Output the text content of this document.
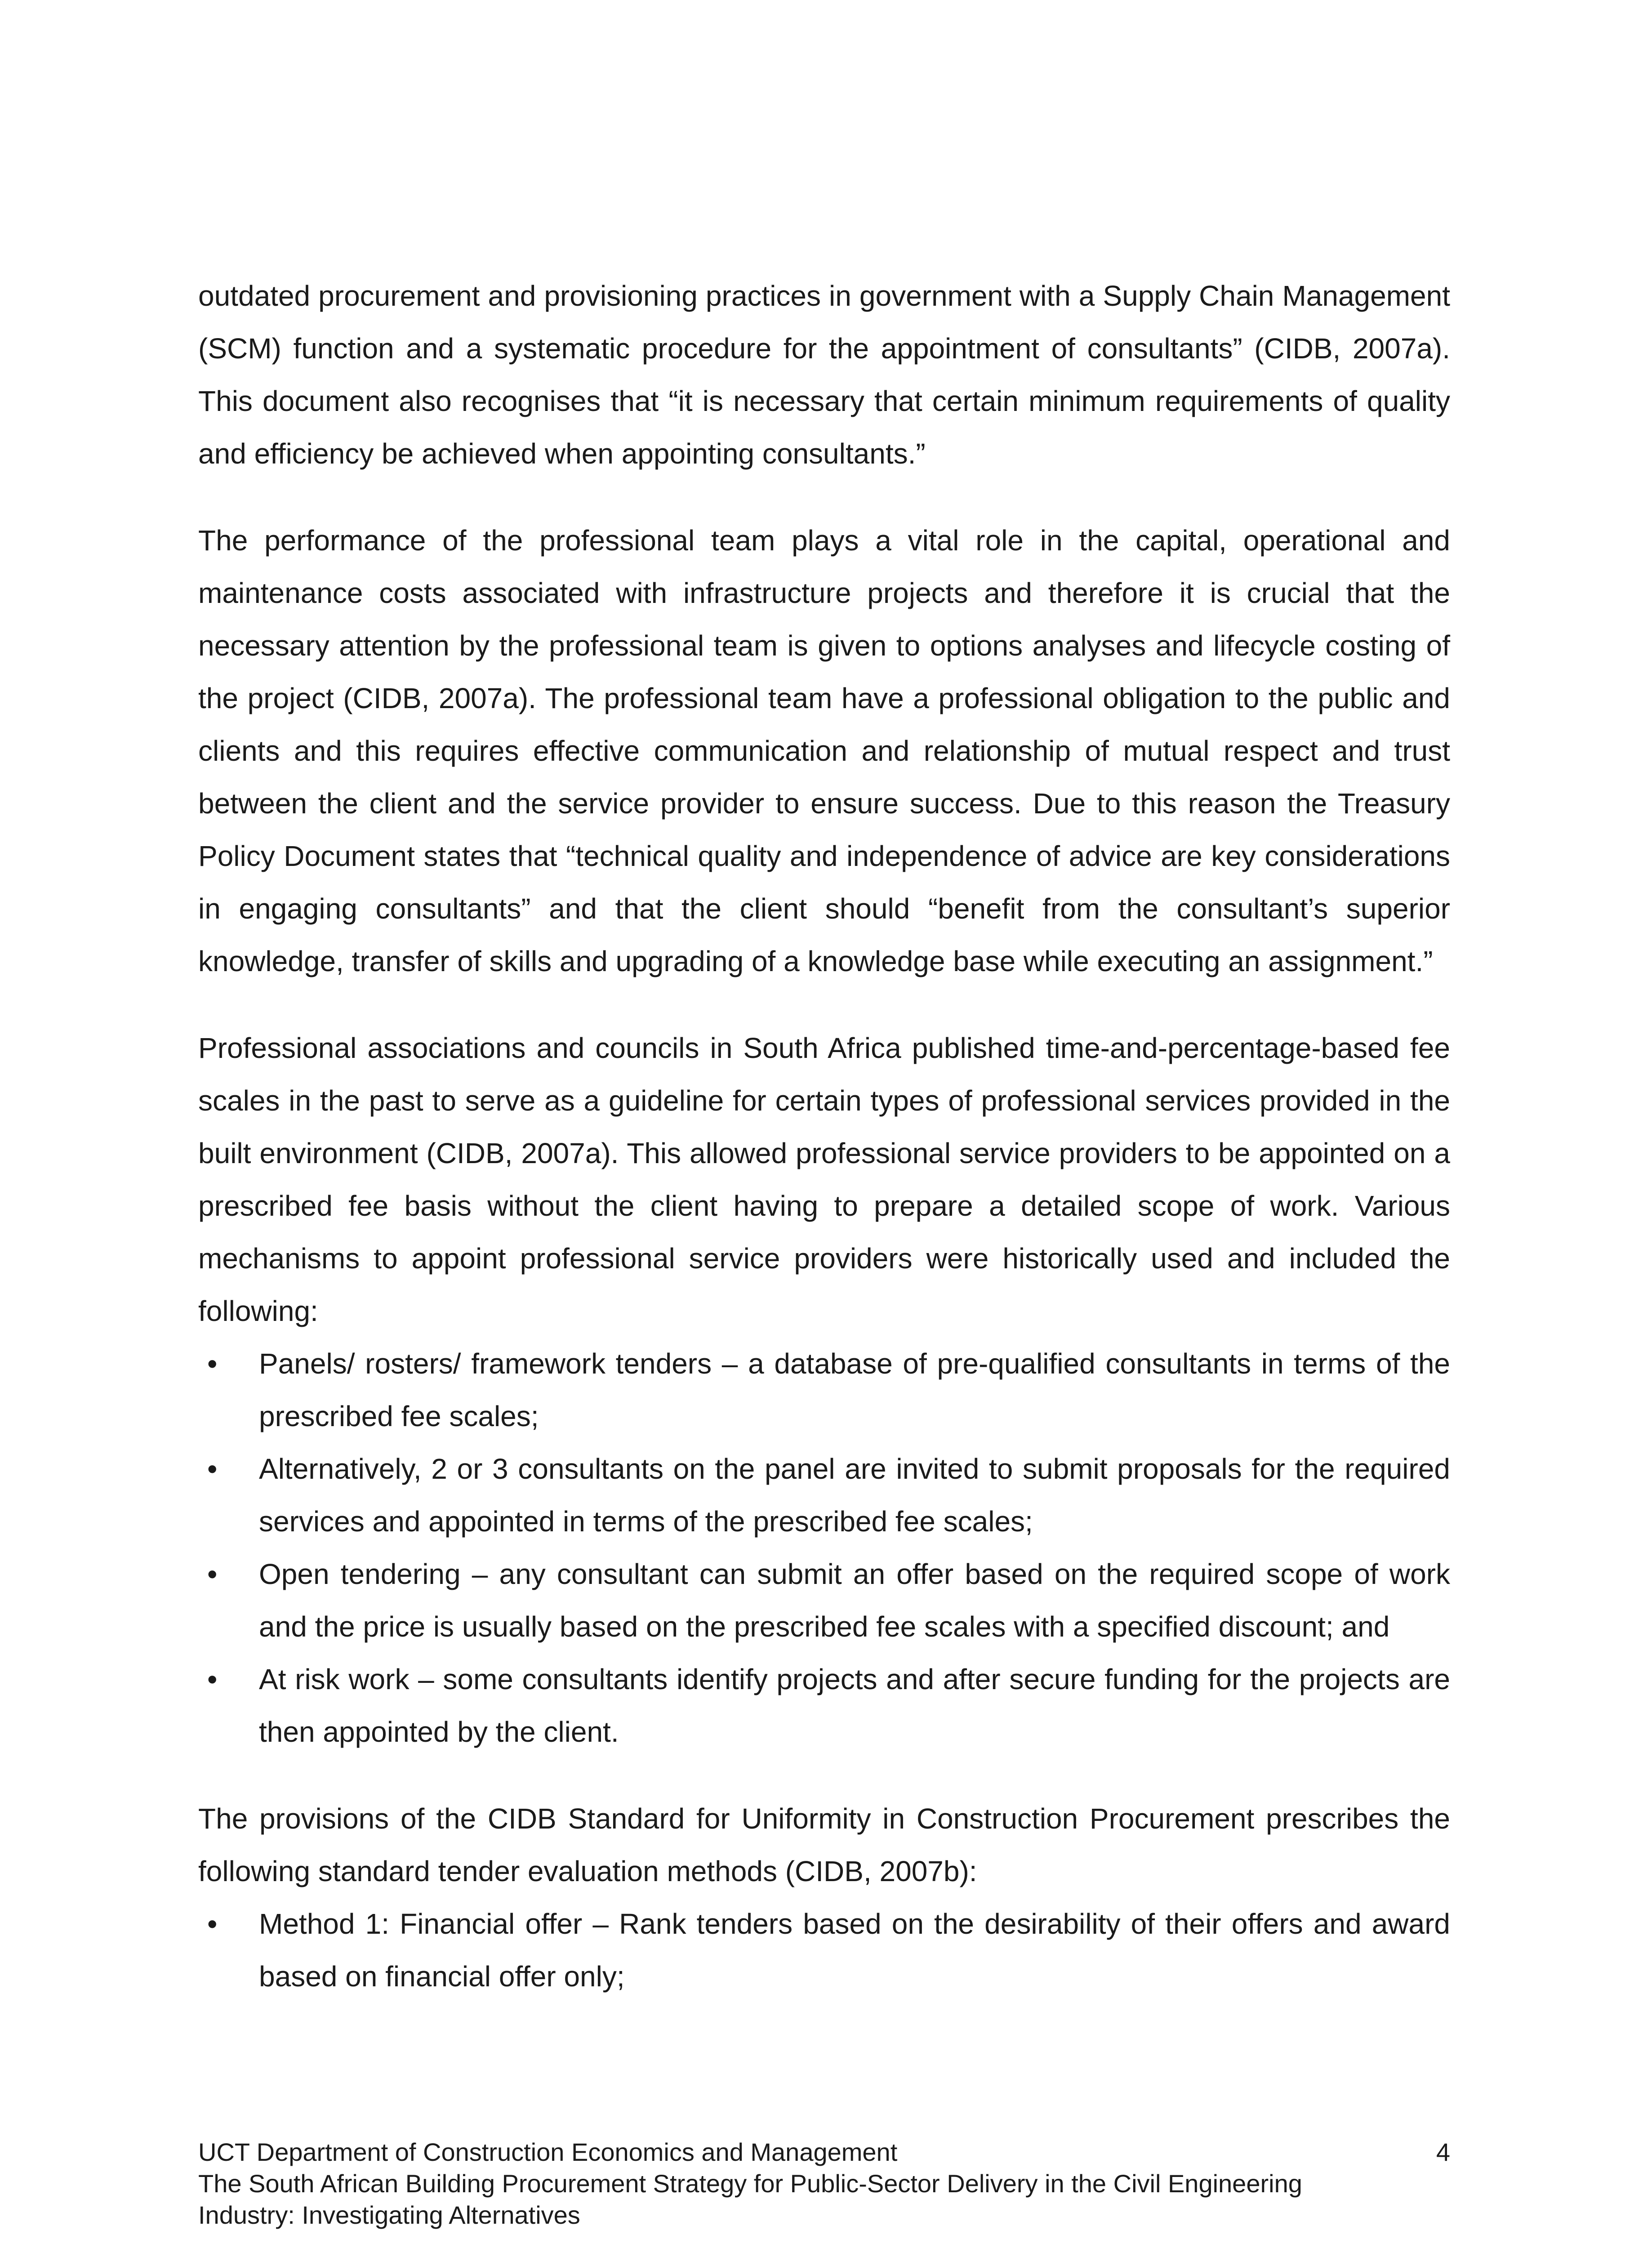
outdated procurement and provisioning practices in government with a Supply Chain Management (SCM) function and a systematic procedure for the appointment of consultants” (CIDB, 2007a). This document also recognises that “it is necessary that certain minimum requirements of quality and efficiency be achieved when appointing consultants.”

The performance of the professional team plays a vital role in the capital, operational and maintenance costs associated with infrastructure projects and therefore it is crucial that the necessary attention by the professional team is given to options analyses and lifecycle costing of the project (CIDB, 2007a). The professional team have a professional obligation to the public and clients and this requires effective communication and relationship of mutual respect and trust between the client and the service provider to ensure success. Due to this reason the Treasury Policy Document states that “technical quality and independence of advice are key considerations in engaging consultants” and that the client should “benefit from the consultant’s superior knowledge, transfer of skills and upgrading of a knowledge base while executing an assignment.”

Professional associations and councils in South Africa published time-and-percentage-based fee scales in the past to serve as a guideline for certain types of professional services provided in the built environment (CIDB, 2007a). This allowed professional service providers to be appointed on a prescribed fee basis without the client having to prepare a detailed scope of work. Various mechanisms to appoint professional service providers were historically used and included the following:

• Panels/ rosters/ framework tenders – a database of pre-qualified consultants in terms of the prescribed fee scales;
• Alternatively, 2 or 3 consultants on the panel are invited to submit proposals for the required services and appointed in terms of the prescribed fee scales;
• Open tendering – any consultant can submit an offer based on the required scope of work and the price is usually based on the prescribed fee scales with a specified discount; and
• At risk work – some consultants identify projects and after secure funding for the projects are then appointed by the client.

The provisions of the CIDB Standard for Uniformity in Construction Procurement prescribes the following standard tender evaluation methods (CIDB, 2007b):

• Method 1: Financial offer – Rank tenders based on the desirability of their offers and award based on financial offer only;
UCT Department of Construction Economics and Management
The South African Building Procurement Strategy for Public-Sector Delivery in the Civil Engineering
Industry: Investigating Alternatives
4
